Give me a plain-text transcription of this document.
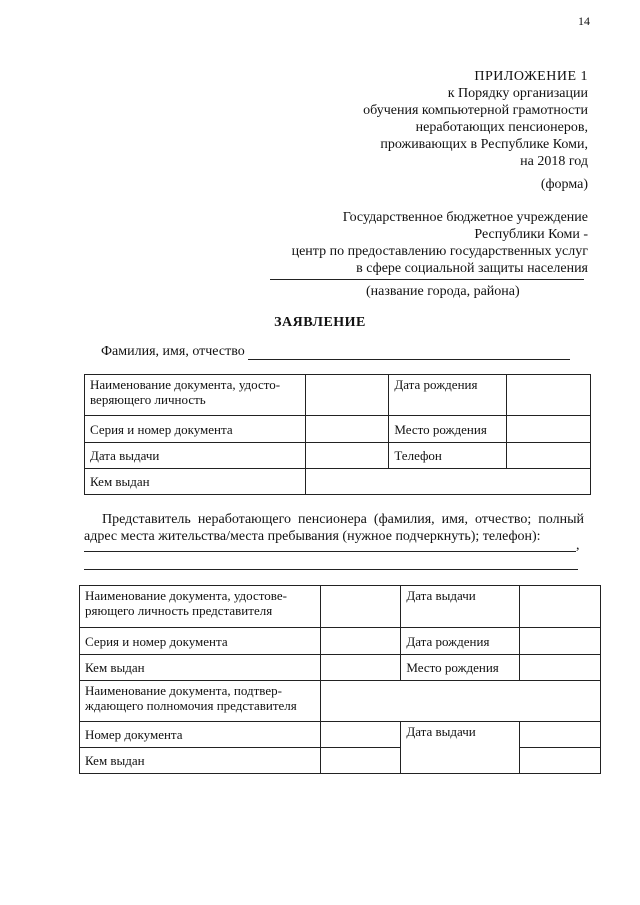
14
ПРИЛОЖЕНИЕ 1
к Порядку организации
обучения компьютерной грамотности
неработающих пенсионеров,
проживающих в Республике Коми,
на 2018 год
(форма)
Государственное бюджетное учреждение
Республики Коми -
центр по предоставлению государственных услуг
в сфере социальной защиты населения
(название города, района)
ЗАЯВЛЕНИЕ
Фамилия, имя, отчество
Наименование документа, удосто-
веряющего личность		Дата рождения	
Серия и номер документа		Место рождения	
Дата выдачи		Телефон	
Кем выдан			
Представитель неработающего пенсионера (фамилия, имя, отчество; полный адрес места жительства/места пребывания (нужное подчеркнуть); телефон):
,
Наименование документа, удостове-
ряющего личность представителя		Дата выдачи	
Серия и номер документа		Дата рождения	
Кем выдан		Место рождения	
Наименование документа, подтвер-
ждающего полномочия представителя			
Номер документа		Дата выдачи	
Кем выдан			
